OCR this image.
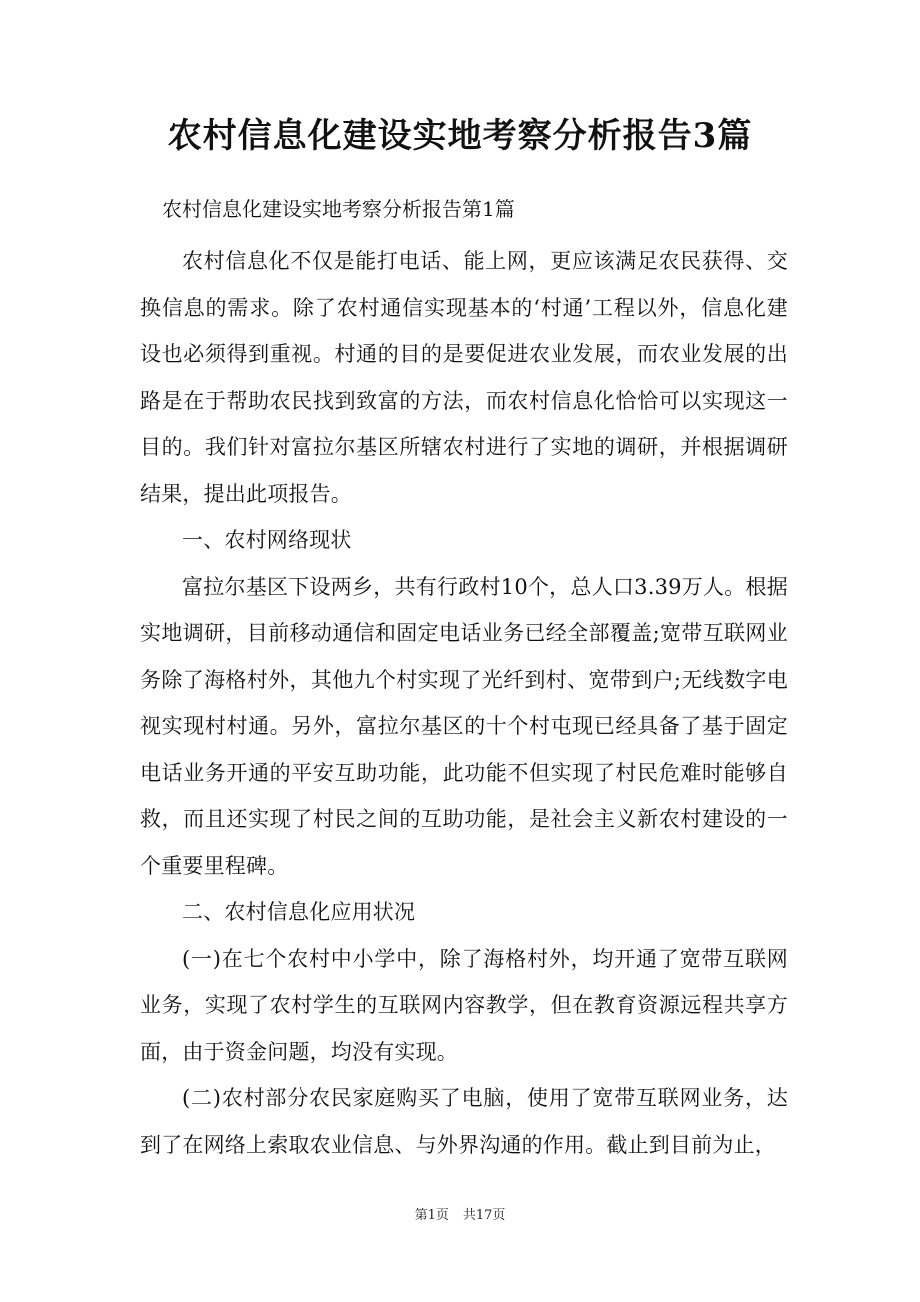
农村信息化建设实地考察分析报告3篇

农村信息化建设实地考察分析报告第1篇

农村信息化不仅是能打电话、能上网，更应该满足农民获得、交换信息的需求。除了农村通信实现基本的‘村通’工程以外，信息化建设也必须得到重视。村通的目的是要促进农业发展，而农业发展的出路是在于帮助农民找到致富的方法，而农村信息化恰恰可以实现这一目的。我们针对富拉尔基区所辖农村进行了实地的调研，并根据调研结果，提出此项报告。

一、农村网络现状

富拉尔基区下设两乡，共有行政村10个，总人口3.39万人。根据实地调研，目前移动通信和固定电话业务已经全部覆盖;宽带互联网业务除了海格村外，其他九个村实现了光纤到村、宽带到户;无线数字电视实现村村通。另外，富拉尔基区的十个村屯现已经具备了基于固定电话业务开通的平安互助功能，此功能不但实现了村民危难时能够自救，而且还实现了村民之间的互助功能，是社会主义新农村建设的一个重要里程碑。

二、农村信息化应用状况

(一)在七个农村中小学中，除了海格村外，均开通了宽带互联网业务，实现了农村学生的互联网内容教学，但在教育资源远程共享方面，由于资金问题，均没有实现。

(二)农村部分农民家庭购买了电脑，使用了宽带互联网业务，达到了在网络上索取农业信息、与外界沟通的作用。截止到目前为止，

第1页 共17页
